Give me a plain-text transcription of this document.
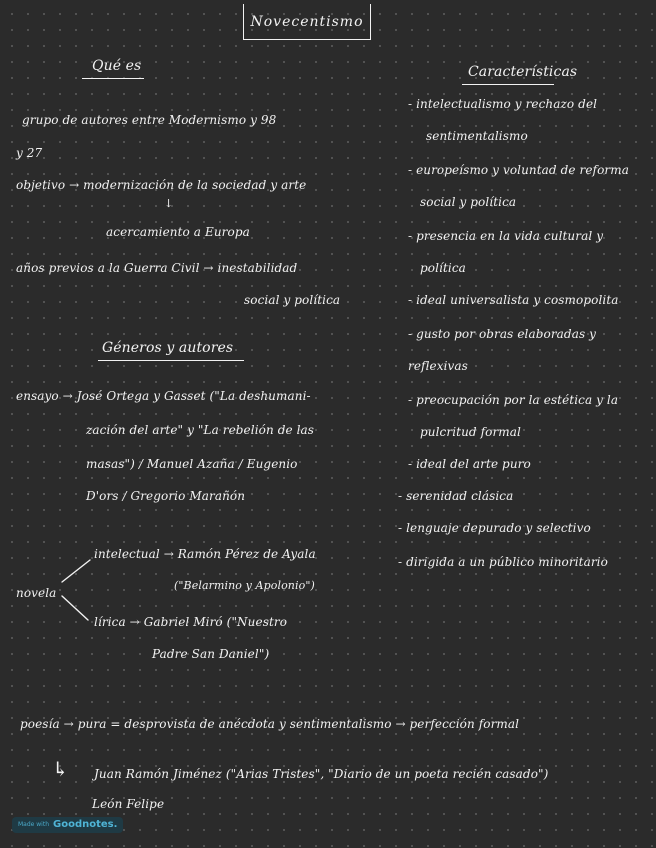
Novecentismo
Qué es
grupo de autores entre Modernismo y 98
y 27
objetivo → modernización de la sociedad y arte
↓
acercamiento a Europa
años previos a la Guerra Civil → inestabilidad
social y política
Características
- intelectualismo y rechazo del
sentimentalismo
- europeísmo y voluntad de reforma
social y política
- presencia en la vida cultural y
política
- ideal universalista y cosmopolita
- gusto por obras elaboradas y
reflexivas
- preocupación por la estética y la
pulcritud formal
- ideal del arte puro
- serenidad clásica
- lenguaje depurado y selectivo
- dirigida a un público minoritario
Géneros y autores
ensayo → José Ortega y Gasset ("La deshumani-
zación del arte" y "La rebelión de las
masas") / Manuel Azaña / Eugenio
D'ors / Gregorio Marañón
novela
intelectual → Ramón Pérez de Ayala
("Belarmino y Apolonio")
lírica → Gabriel Miró ("Nuestro
Padre San Daniel")
poesía → pura = desprovista de anécdota y sentimentalismo → perfección formal
↳ Juan Ramón Jiménez ("Arias Tristes", "Diario de un poeta recién casado")
León Felipe
Made with Goodnotes.
